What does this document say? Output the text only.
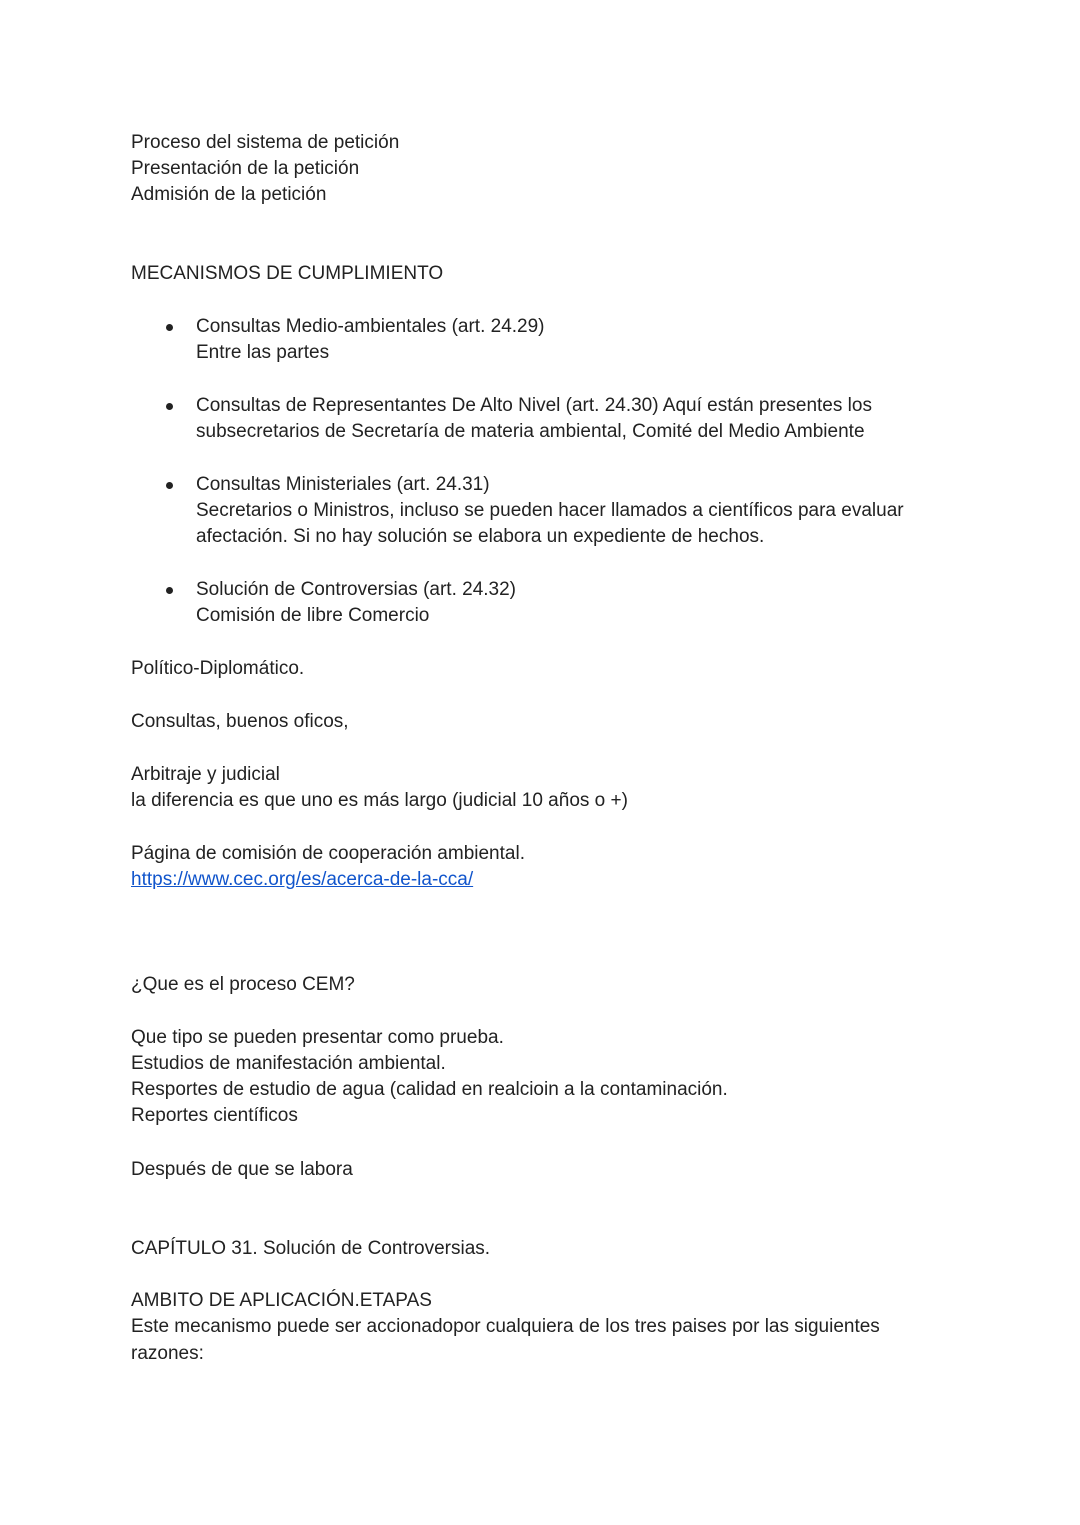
Proceso del sistema de petición
Presentación de la petición
Admisión de la petición
MECANISMOS DE CUMPLIMIENTO
Consultas Medio-ambientales (art. 24.29)
Entre las partes
Consultas de Representantes De Alto Nivel (art. 24.30) Aquí están presentes los
subsecretarios de Secretaría de materia ambiental, Comité del Medio Ambiente
Consultas Ministeriales (art. 24.31)
Secretarios o Ministros, incluso se pueden hacer llamados a científicos para evaluar
afectación. Si no hay solución se elabora un expediente de hechos.
Solución de Controversias (art. 24.32)
Comisión de libre Comercio
Político-Diplomático.
Consultas, buenos oficos,
Arbitraje y judicial
la diferencia es que uno es más largo (judicial 10 años o +)
Página de comisión de cooperación ambiental.
https://www.cec.org/es/acerca-de-la-cca/
¿Que es el proceso CEM?
Que tipo se pueden presentar como prueba.
Estudios de manifestación ambiental.
Resportes de estudio de agua (calidad en realcioin a la contaminación.
Reportes científicos
Después de que se labora
CAPÍTULO 31. Solución de Controversias.
AMBITO DE APLICACIÓN.ETAPAS
Este mecanismo puede ser accionadopor cualquiera de los tres paises por las siguientes
razones:
